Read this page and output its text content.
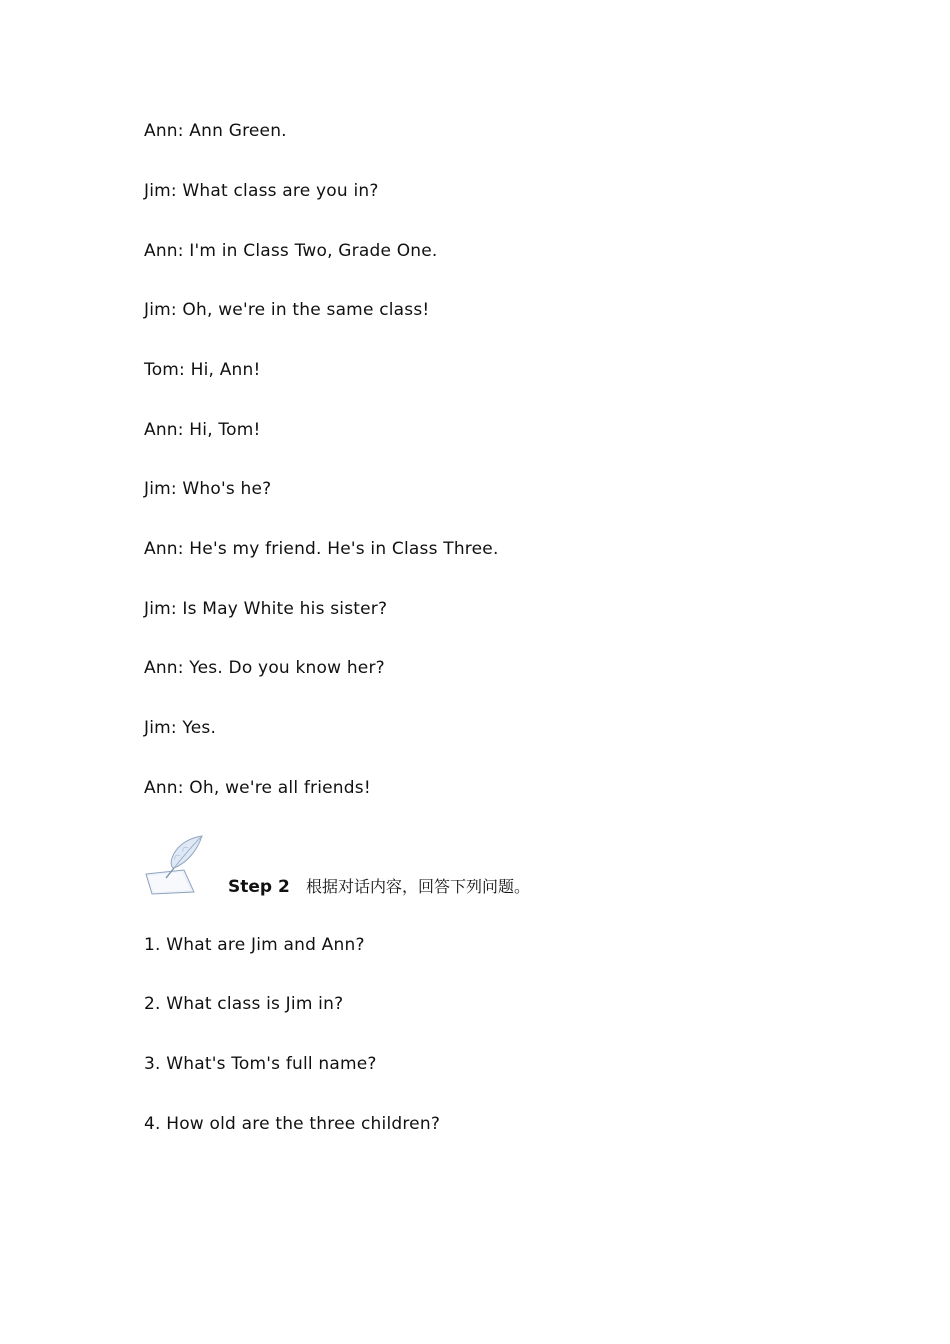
Ann: Ann Green.
Jim: What class are you in?
Ann: I'm in Class Two, Grade One.
Jim: Oh, we're in the same class!
Tom: Hi, Ann!
Ann: Hi, Tom!
Jim: Who's he?
Ann: He's my friend. He's in Class Three.
Jim: Is May White his sister?
Ann: Yes. Do you know her?
Jim: Yes.
Ann: Oh, we're all friends!
Step 2 根据对话内容，回答下列问题。
1. What are Jim and Ann?
2. What class is Jim in?
3. What's Tom's full name?
4. How old are the three children?
